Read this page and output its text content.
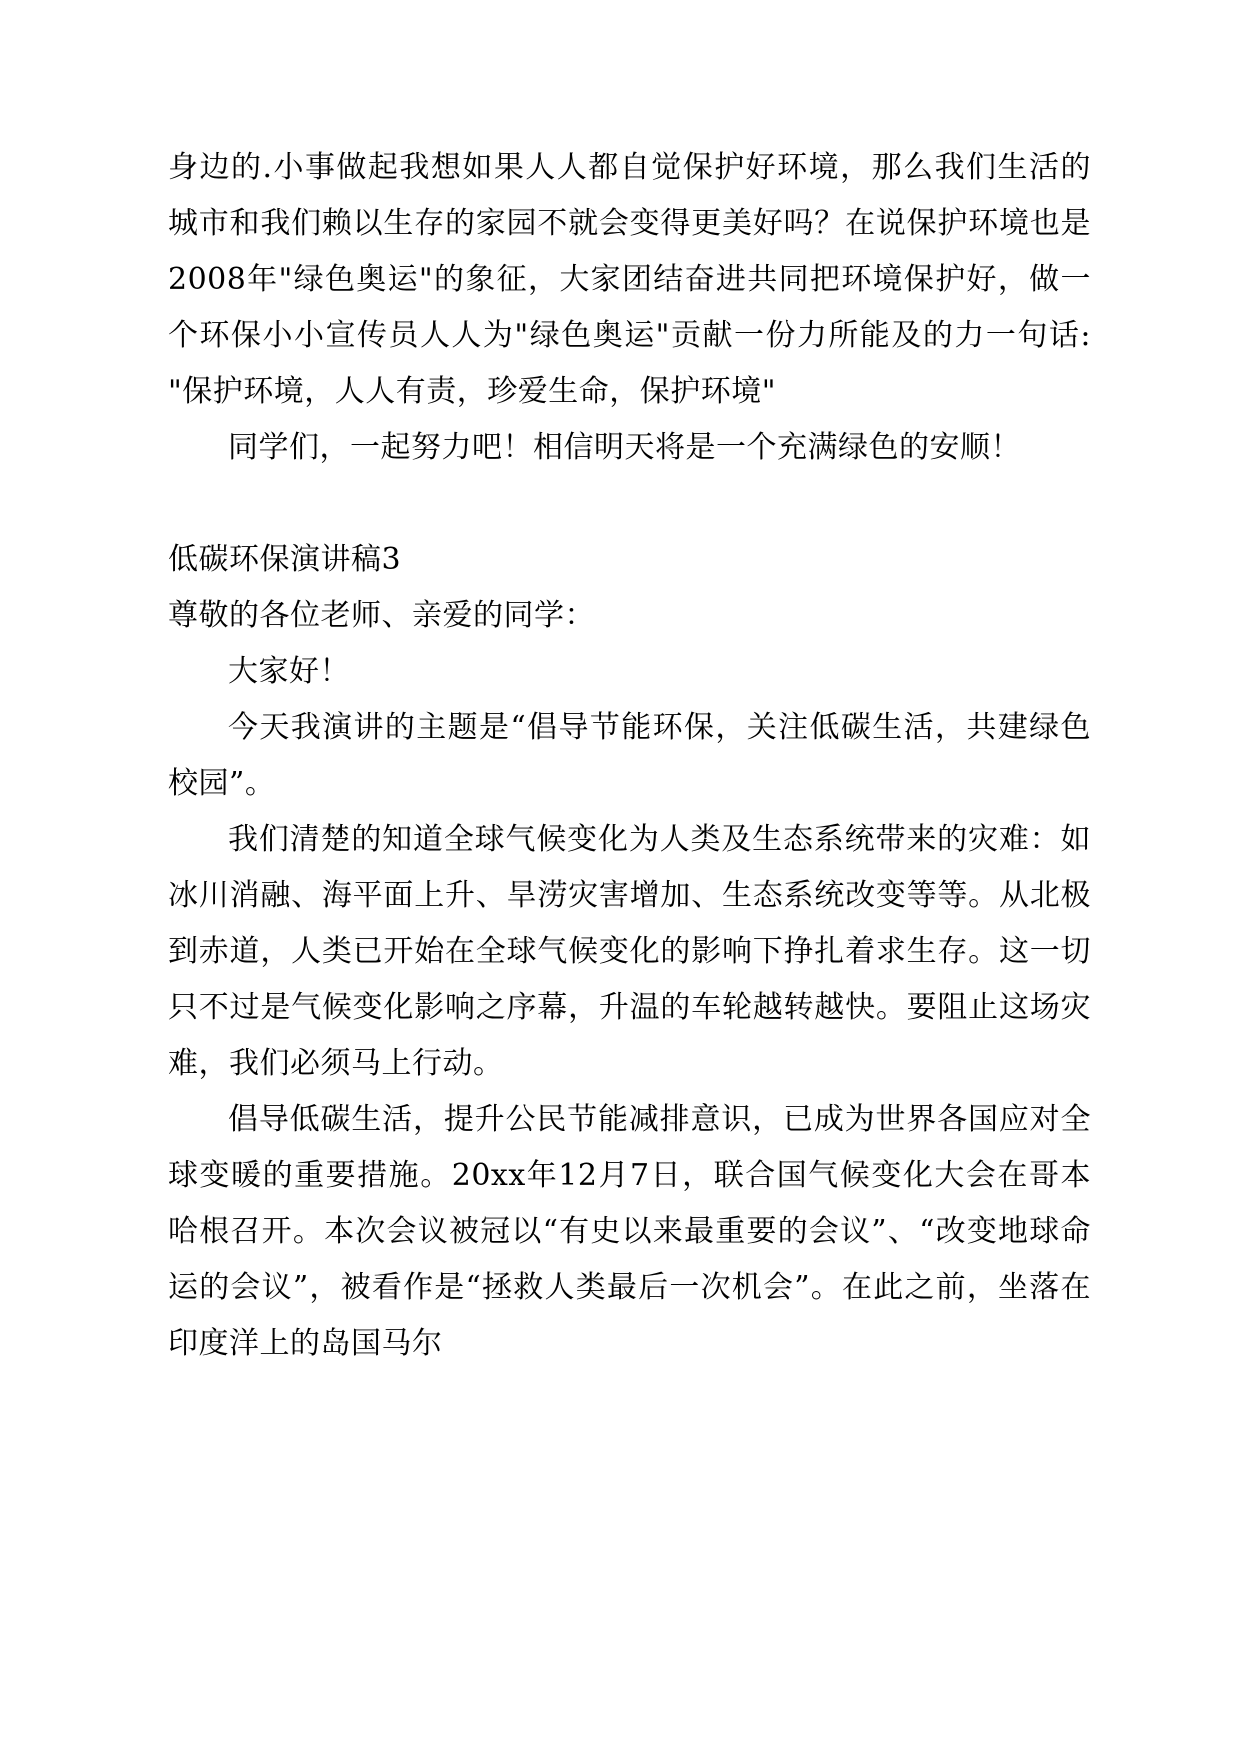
身边的.小事做起我想如果人人都自觉保护好环境，那么我们生活的城市和我们赖以生存的家园不就会变得更美好吗？在说保护环境也是2008年"绿色奥运"的象征，大家团结奋进共同把环境保护好，做一个环保小小宣传员人人为"绿色奥运"贡献一份力所能及的力一句话: "保护环境，人人有责，珍爱生命，保护环境"

同学们，一起努力吧！相信明天将是一个充满绿色的安顺！

低碳环保演讲稿3

尊敬的各位老师、亲爱的同学：

大家好！

今天我演讲的主题是“倡导节能环保，关注低碳生活，共建绿色校园”。

我们清楚的知道全球气候变化为人类及生态系统带来的灾难：如冰川消融、海平面上升、旱涝灾害增加、生态系统改变等等。从北极到赤道，人类已开始在全球气候变化的影响下挣扎着求生存。这一切只不过是气候变化影响之序幕，升温的车轮越转越快。要阻止这场灾难，我们必须马上行动。

倡导低碳生活，提升公民节能减排意识，已成为世界各国应对全球变暖的重要措施。20xx年12月7日，联合国气候变化大会在哥本哈根召开。本次会议被冠以“有史以来最重要的会议”、“改变地球命运的会议”，被看作是“拯救人类最后一次机会”。在此之前，坐落在印度洋上的岛国马尔
